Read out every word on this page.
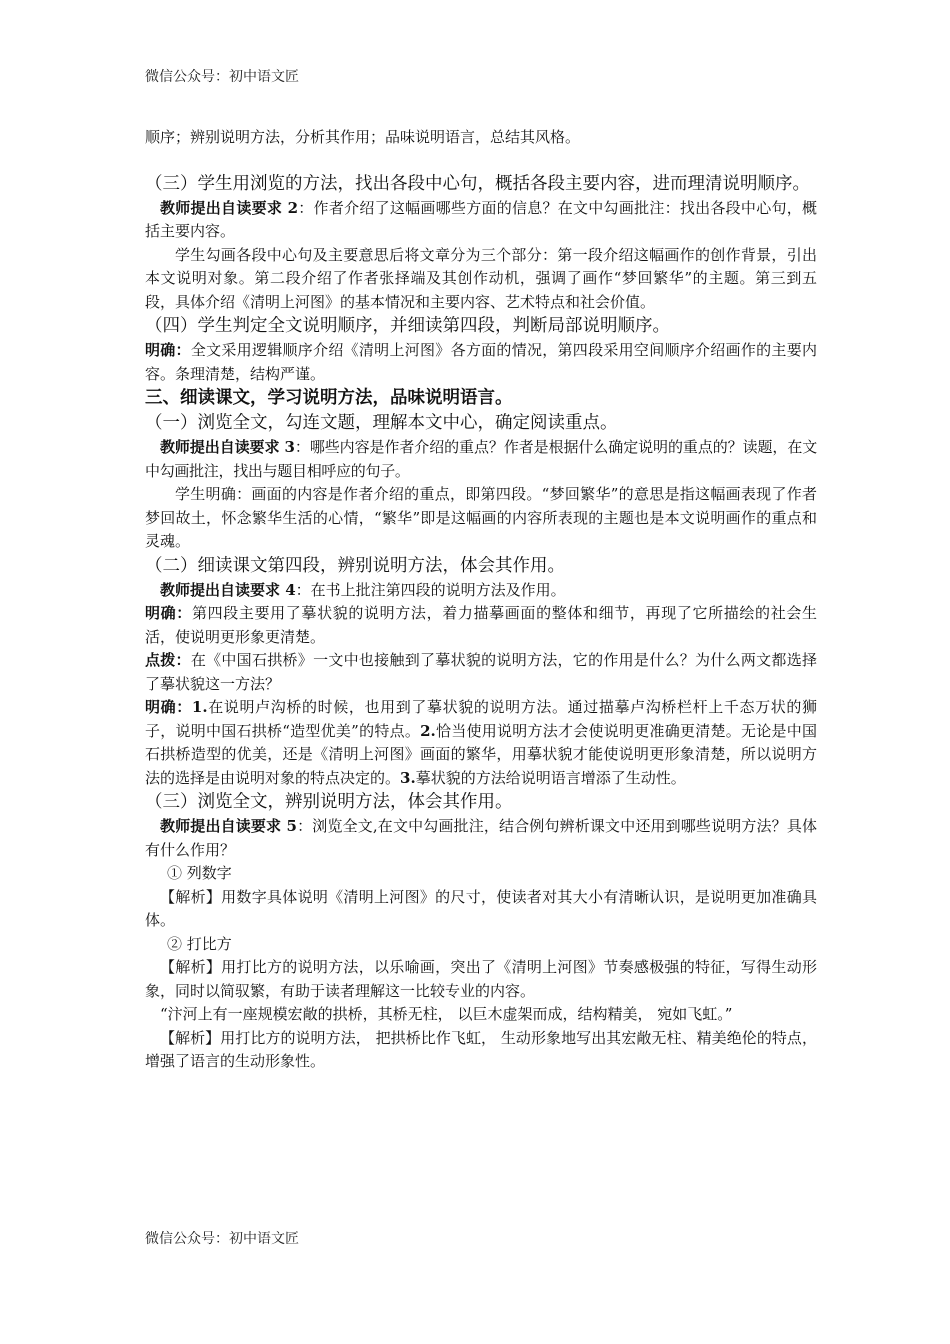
微信公众号：初中语文匠

顺序；辨别说明方法，分析其作用；品味说明语言，总结其风格。

（三）学生用浏览的方法，找出各段中心句，概括各段主要内容，进而理清说明顺序。

教师提出自读要求 2：作者介绍了这幅画哪些方面的信息？在文中勾画批注：找出各段中心句，概括主要内容。

学生勾画各段中心句及主要意思后将文章分为三个部分：第一段介绍这幅画作的创作背景，引出本文说明对象。第二段介绍了作者张择端及其创作动机，强调了画作“梦回繁华”的主题。第三到五段，具体介绍《清明上河图》的基本情况和主要内容、艺术特点和社会价值。

（四）学生判定全文说明顺序，并细读第四段，判断局部说明顺序。

明确：全文采用逻辑顺序介绍《清明上河图》各方面的情况，第四段采用空间顺序介绍画作的主要内容。条理清楚，结构严谨。

三、细读课文，学习说明方法，品味说明语言。

（一）浏览全文，勾连文题，理解本文中心，确定阅读重点。

教师提出自读要求 3：哪些内容是作者介绍的重点？作者是根据什么确定说明的重点的？读题，在文中勾画批注，找出与题目相呼应的句子。

学生明确：画面的内容是作者介绍的重点，即第四段。“梦回繁华”的意思是指这幅画表现了作者梦回故土，怀念繁华生活的心情，“繁华”即是这幅画的内容所表现的主题也是本文说明画作的重点和灵魂。

（二）细读课文第四段，辨别说明方法，体会其作用。

教师提出自读要求 4：在书上批注第四段的说明方法及作用。

明确：第四段主要用了摹状貌的说明方法，着力描摹画面的整体和细节，再现了它所描绘的社会生活，使说明更形象更清楚。

点拨：在《中国石拱桥》一文中也接触到了摹状貌的说明方法，它的作用是什么？为什么两文都选择了摹状貌这一方法？

明确：1.在说明卢沟桥的时候，也用到了摹状貌的说明方法。通过描摹卢沟桥栏杆上千态万状的狮子，说明中国石拱桥“造型优美”的特点。2.恰当使用说明方法才会使说明更准确更清楚。无论是中国石拱桥造型的优美，还是《清明上河图》画面的繁华，用摹状貌才能使说明更形象清楚，所以说明方法的选择是由说明对象的特点决定的。3.摹状貌的方法给说明语言增添了生动性。

（三）浏览全文，辨别说明方法，体会其作用。

教师提出自读要求 5：浏览全文,在文中勾画批注，结合例句辨析课文中还用到哪些说明方法？具体有什么作用？

① 列数字

【解析】用数字具体说明《清明上河图》的尺寸，使读者对其大小有清晰认识，是说明更加准确具体。

② 打比方

【解析】用打比方的说明方法，以乐喻画，突出了《清明上河图》节奏感极强的特征，写得生动形象，同时以简驭繁，有助于读者理解这一比较专业的内容。

“汴河上有一座规模宏敞的拱桥，其桥无柱， 以巨木虚架而成，结构精美， 宛如飞虹。”

【解析】用打比方的说明方法， 把拱桥比作飞虹， 生动形象地写出其宏敞无柱、精美绝伦的特点，增强了语言的生动形象性。

微信公众号：初中语文匠
